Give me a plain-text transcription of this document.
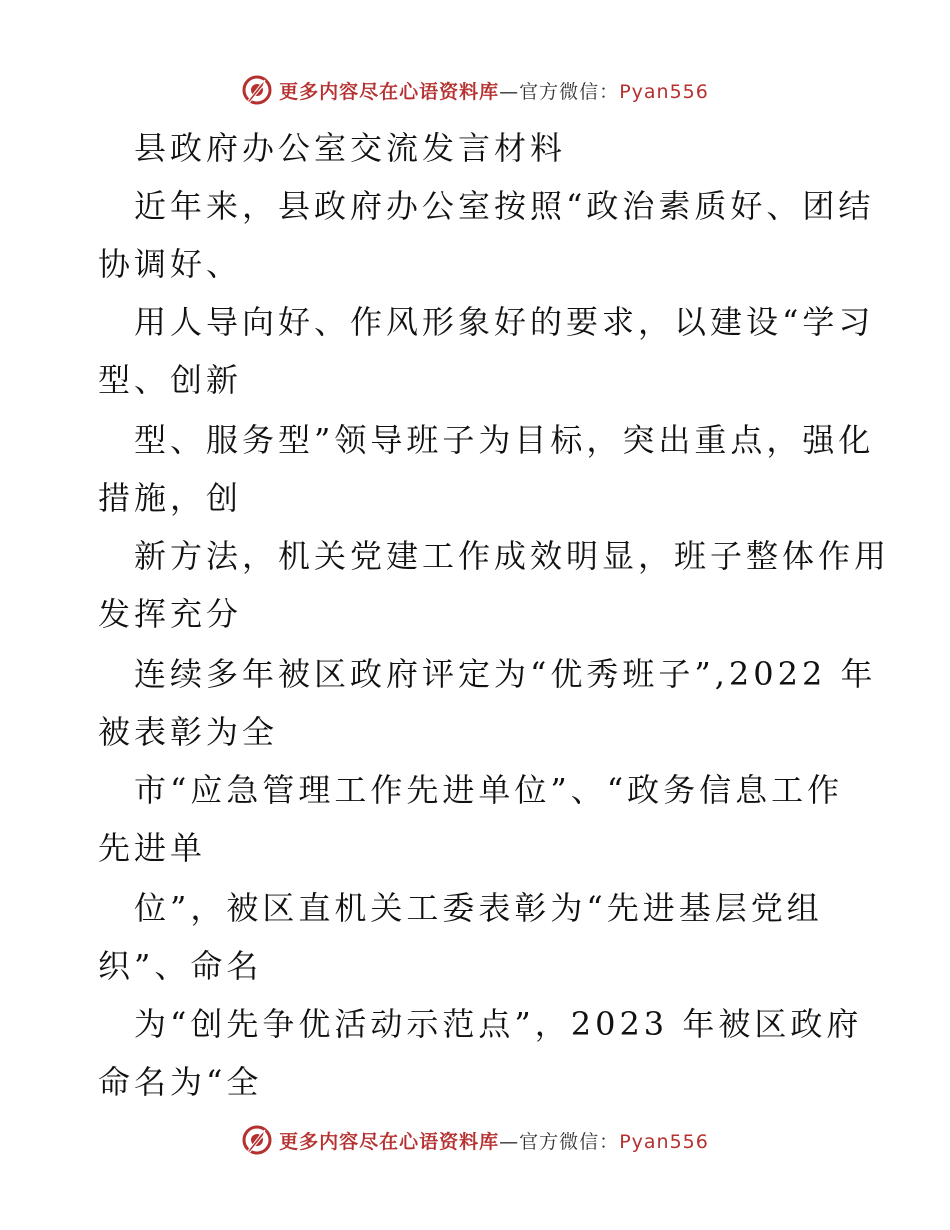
更多内容尽在心语资料库—官方微信：Pyan556
县政府办公室交流发言材料
近年来，县政府办公室按照“政治素质好、团结
协调好、
用人导向好、作风形象好的要求，以建设“学习
型、创新
型、服务型”领导班子为目标，突出重点，强化
措施，创
新方法，机关党建工作成效明显，班子整体作用
发挥充分
连续多年被区政府评定为“优秀班子”,2022 年
被表彰为全
市“应急管理工作先进单位”、“政务信息工作
先进单
位”，被区直机关工委表彰为“先进基层党组
织”、命名
为“创先争优活动示范点”，2023 年被区政府
命名为“全
更多内容尽在心语资料库—官方微信：Pyan556
